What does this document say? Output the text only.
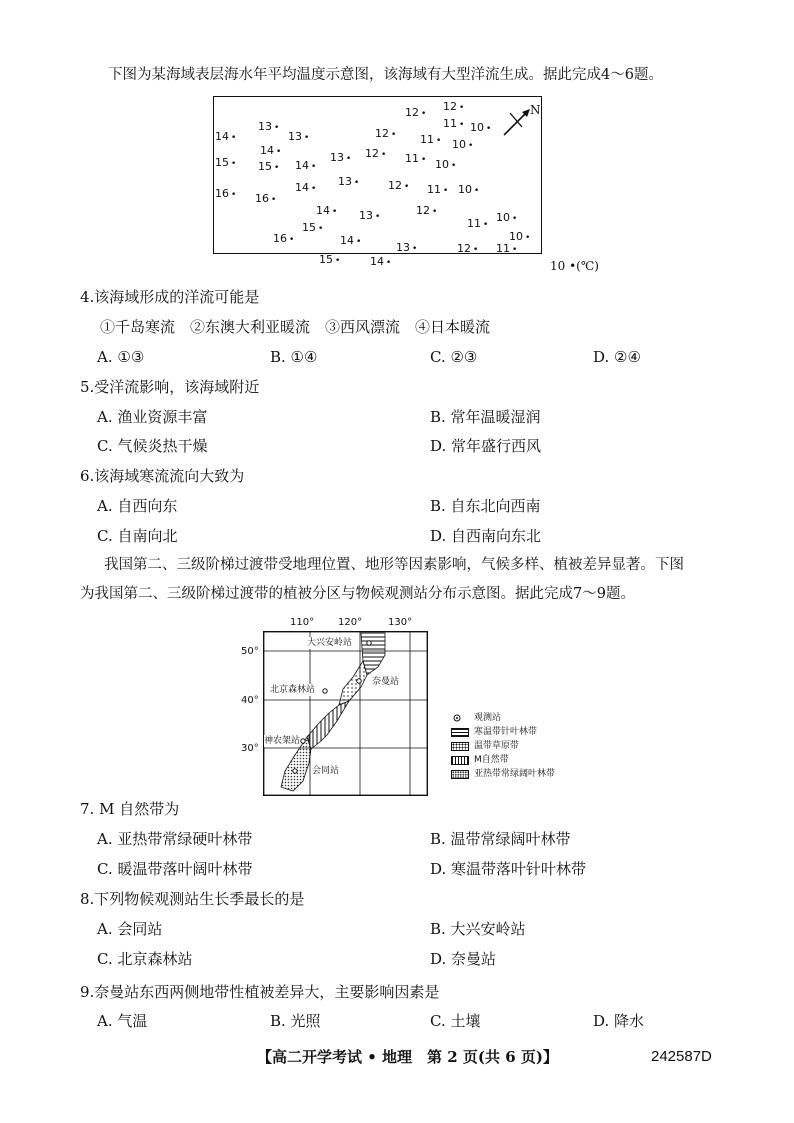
下图为某海域表层海水年平均温度示意图，该海域有大型洋流生成。据此完成4～6题。
12 •
12 •
11 • 10 •
14 •
13 •
13 •	12 • 11 • 10 •
14 •	13 • 12 • 11 • 10 •
15 • 15 • 14 •
13 •	12 • 11 • 10 •
14 •
16 • 16 •
14 • 13 •	12 •
11 •
10 •
15 •
16 •	14 •	10 •
13 •	12 • 11 •
15 •	14 •
N
10 •(℃)
4.该海域形成的洋流可能是
①千岛寒流　②东澳大利亚暖流　③西风漂流　④日本暖流
A. ①③	B. ①④	C. ②③	D. ②④
5.受洋流影响，该海域附近
A. 渔业资源丰富	B. 常年温暖湿润
C. 气候炎热干燥	D. 常年盛行西风
6.该海域寒流流向大致为
A. 自西向东	B. 自东北向西南
C. 自南向北	D. 自西南向东北
我国第二、三级阶梯过渡带受地理位置、地形等因素影响，气候多样、植被差异显著。下图
为我国第二、三级阶梯过渡带的植被分区与物候观测站分布示意图。据此完成7～9题。
110° 120°	130°
50°
40°
30°
大兴安岭站
奈曼站
北京森林站
神农架站
会同站
观测站
寒温带针叶林带
温带草原带
M自然带
亚热带常绿阔叶林带
7. M 自然带为
A. 亚热带常绿硬叶林带	B. 温带常绿阔叶林带
C. 暖温带落叶阔叶林带	D. 寒温带落叶针叶林带
8.下列物候观测站生长季最长的是
A. 会同站	B. 大兴安岭站
C. 北京森林站	D. 奈曼站
9.奈曼站东西两侧地带性植被差异大，主要影响因素是
A. 气温	B. 光照	C. 土壤	D. 降水
【高二开学考试 • 地理　第 2 页(共 6 页)】	242587D
